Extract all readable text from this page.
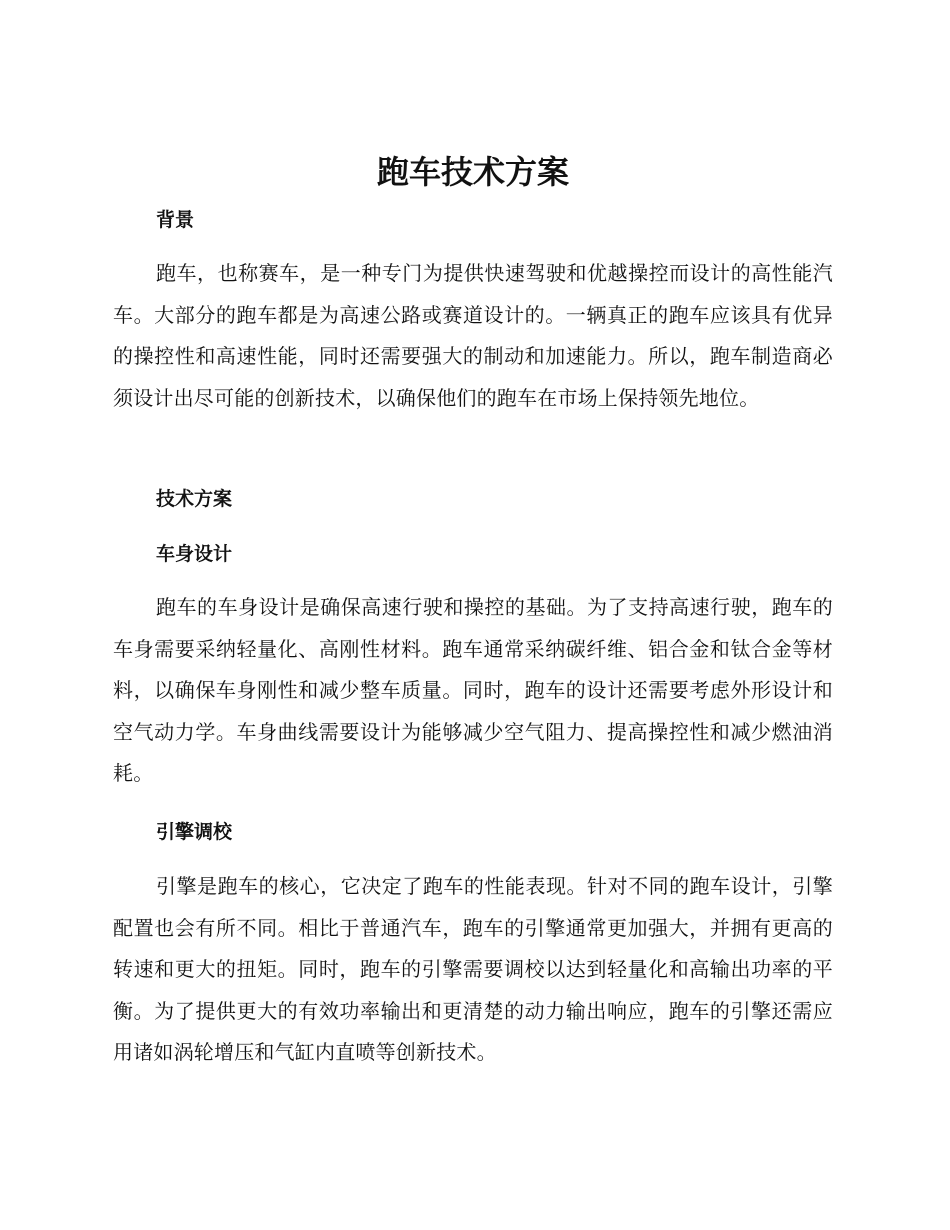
跑车技术方案
背景

跑车，也称赛车，是一种专门为提供快速驾驶和优越操控而设计的高性能汽车。大部分的跑车都是为高速公路或赛道设计的。一辆真正的跑车应该具有优异的操控性和高速性能，同时还需要强大的制动和加速能力。所以，跑车制造商必须设计出尽可能的创新技术，以确保他们的跑车在市场上保持领先地位。

技术方案
车身设计

跑车的车身设计是确保高速行驶和操控的基础。为了支持高速行驶，跑车的车身需要采纳轻量化、高刚性材料。跑车通常采纳碳纤维、铝合金和钛合金等材料，以确保车身刚性和减少整车质量。同时，跑车的设计还需要考虑外形设计和空气动力学。车身曲线需要设计为能够减少空气阻力、提高操控性和减少燃油消耗。

引擎调校

引擎是跑车的核心，它决定了跑车的性能表现。针对不同的跑车设计，引擎配置也会有所不同。相比于普通汽车，跑车的引擎通常更加强大，并拥有更高的转速和更大的扭矩。同时，跑车的引擎需要调校以达到轻量化和高输出功率的平衡。为了提供更大的有效功率输出和更清楚的动力输出响应，跑车的引擎还需应用诸如涡轮增压和气缸内直喷等创新技术。
